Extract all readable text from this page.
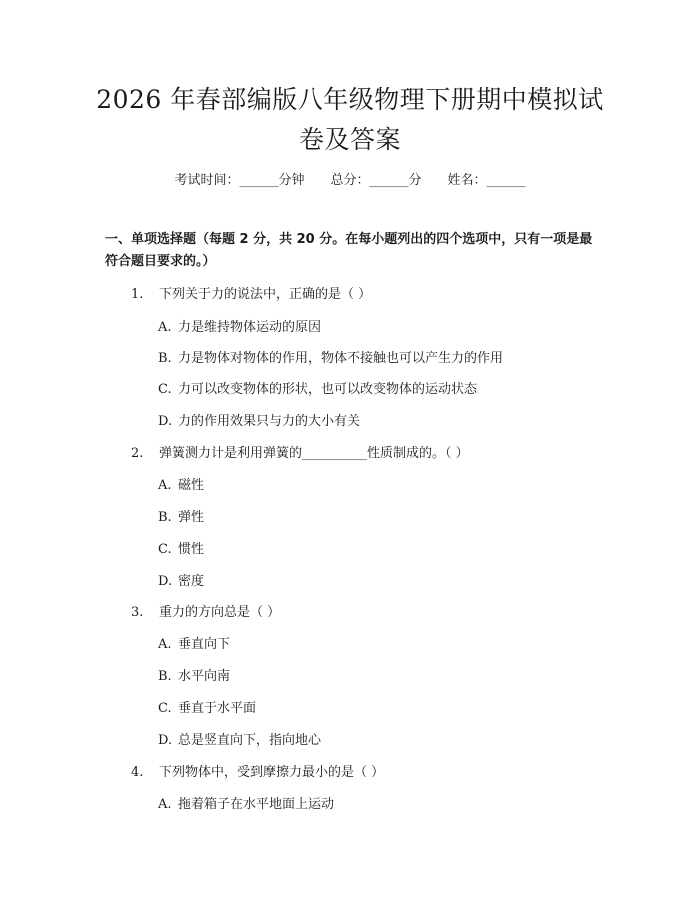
2026 年春部编版八年级物理下册期中模拟试
卷及答案
考试时间：______分钟 总分：______分 姓名：______
一、单项选择题（每题 2 分，共 20 分。在每小题列出的四个选项中，只有一项是最符合题目要求的。）
1. 下列关于力的说法中，正确的是（ ）
A. 力是维持物体运动的原因
B. 力是物体对物体的作用，物体不接触也可以产生力的作用
C. 力可以改变物体的形状，也可以改变物体的运动状态
D. 力的作用效果只与力的大小有关
2. 弹簧测力计是利用弹簧的__________性质制成的。（ ）
A. 磁性
B. 弹性
C. 惯性
D. 密度
3. 重力的方向总是（ ）
A. 垂直向下
B. 水平向南
C. 垂直于水平面
D. 总是竖直向下，指向地心
4. 下列物体中，受到摩擦力最小的是（ ）
A. 拖着箱子在水平地面上运动
